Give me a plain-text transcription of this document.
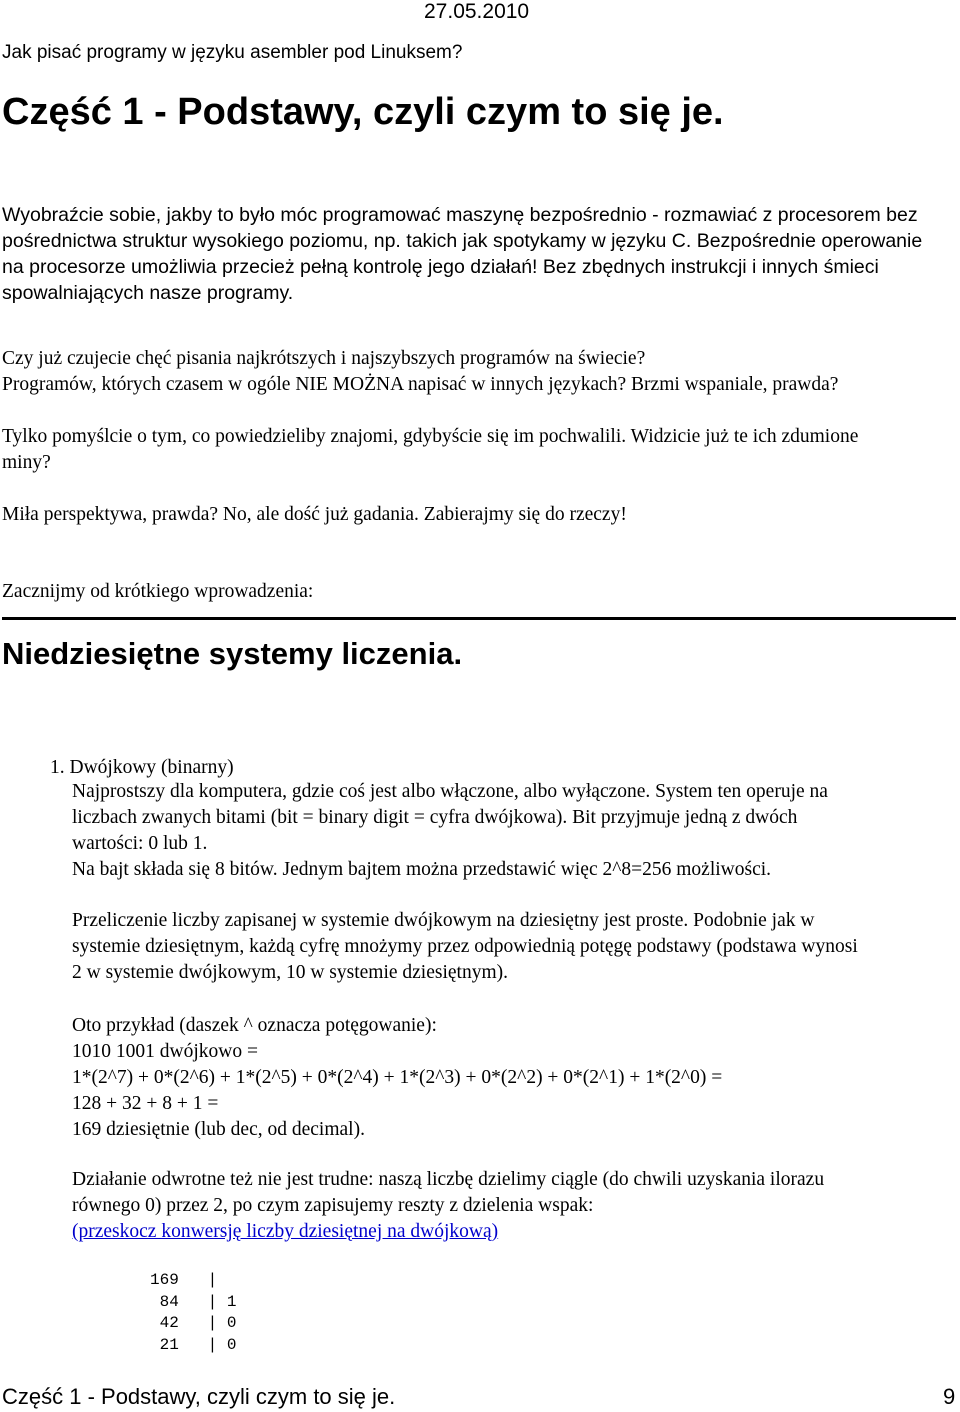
27.05.2010
Jak pisać programy w języku asembler pod Linuksem?
Część 1 - Podstawy, czyli czym to się je.
Wyobraźcie sobie, jakby to było móc programować maszynę bezpośrednio - rozmawiać z procesorem bez
pośrednictwa struktur wysokiego poziomu, np. takich jak spotykamy w języku C. Bezpośrednie operowanie
na procesorze umożliwia przecież pełną kontrolę jego działań! Bez zbędnych instrukcji i innych śmieci
spowalniających nasze programy.
Czy już czujecie chęć pisania najkrótszych i najszybszych programów na świecie?
Programów, których czasem w ogóle NIE MOŻNA napisać w innych językach? Brzmi wspaniale, prawda?
Tylko pomyślcie o tym, co powiedzieliby znajomi, gdybyście się im pochwalili. Widzicie już te ich zdumione
miny?
Miła perspektywa, prawda? No, ale dość już gadania. Zabierajmy się do rzeczy!
Zacznijmy od krótkiego wprowadzenia:
Niedziesiętne systemy liczenia.
1. Dwójkowy (binarny)
Najprostszy dla komputera, gdzie coś jest albo włączone, albo wyłączone. System ten operuje na
liczbach zwanych bitami (bit = binary digit = cyfra dwójkowa). Bit przyjmuje jedną z dwóch
wartości: 0 lub 1.
Na bajt składa się 8 bitów. Jednym bajtem można przedstawić więc 2^8=256 możliwości.
Przeliczenie liczby zapisanej w systemie dwójkowym na dziesiętny jest proste. Podobnie jak w
systemie dziesiętnym, każdą cyfrę mnożymy przez odpowiednią potęgę podstawy (podstawa wynosi
2 w systemie dwójkowym, 10 w systemie dziesiętnym).
Oto przykład (daszek ^ oznacza potęgowanie):
1010 1001 dwójkowo =
1*(2^7) + 0*(2^6) + 1*(2^5) + 0*(2^4) + 1*(2^3) + 0*(2^2) + 0*(2^1) + 1*(2^0) =
128 + 32 + 8 + 1 =
169 dziesiętnie (lub dec, od decimal).
Działanie odwrotne też nie jest trudne: naszą liczbę dzielimy ciągle (do chwili uzyskania ilorazu
równego 0) przez 2, po czym zapisujemy reszty z dzielenia wspak:
(przeskocz konwersję liczby dziesiętnej na dwójkową)
169   |
84   | 1
42   | 0
21   | 0
Część 1 - Podstawy, czyli czym to się je.	9
